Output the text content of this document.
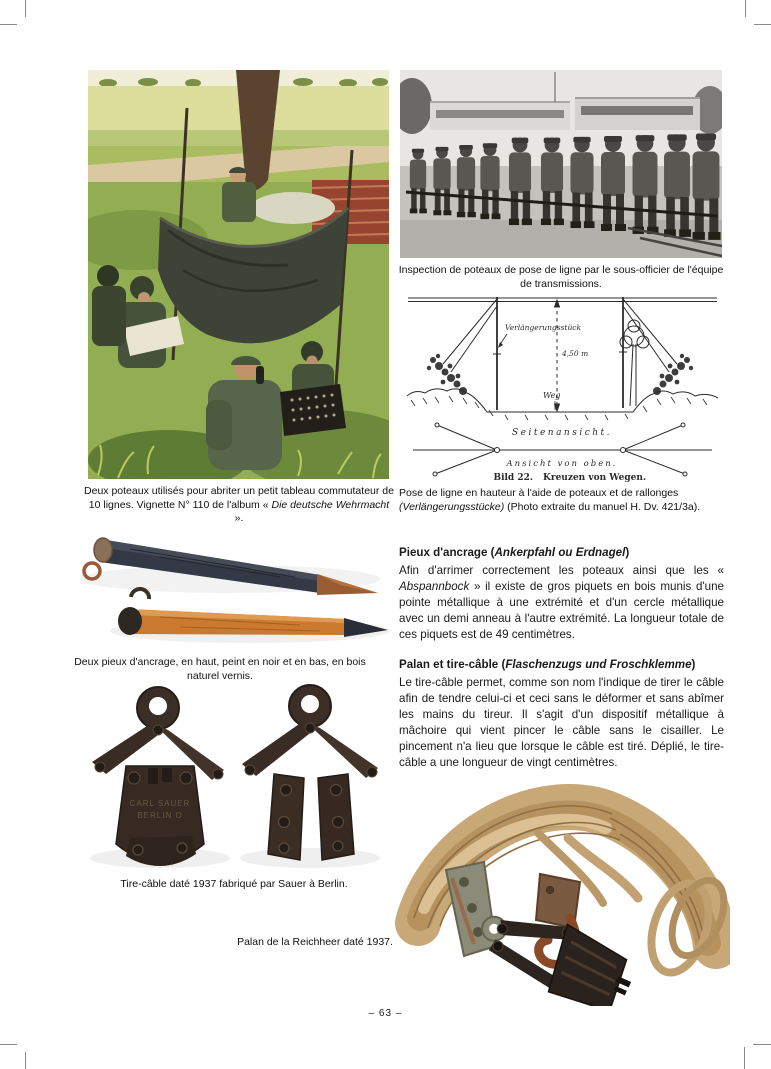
Deux poteaux utilisés pour abriter un petit tableau commutateur de 10 lignes. Vignette N° 110 de l'album « Die deutsche Wehrmacht ».
Inspection de poteaux de pose de ligne par le sous-officier de l'équipe de transmissions.
Verlängerungsstück
4,50 m
Weg
Seitenansicht.
Ansicht von oben.
Bild 22. Kreuzen von Wegen.
Pose de ligne en hauteur à l'aide de poteaux et de rallonges (Verlängerungsstücke) (Photo extraite du manuel H. Dv. 421/3a).
Deux pieux d'ancrage, en haut, peint en noir et en bas, en bois naturel vernis.

Pieux d'ancrage (Ankerpfahl ou Erdnagel)

Afin d'arrimer correctement les poteaux ainsi que les « Abspannbock » il existe de gros piquets en bois munis d'une pointe métallique à une extrémité et d'un cercle métallique avec un demi anneau à l'autre extrémité. La longueur totale de ces piquets est de 49 centimètres.

Palan et tire-câble (Flaschenzugs und Froschklemme)

Le tire-câble permet, comme son nom l'indique de tirer le câble afin de tendre celui-ci et ceci sans le déformer et sans abîmer les mains du tireur. Il s'agit d'un dispositif métallique à mâchoire qui vient pincer le câble sans le cisailler. Le pincement n'a lieu que lorsque le câble est tiré. Déplié, le tire-câble a une longueur de vingt centimètres.

CARL SAUER
BERLIN O
Tire-câble daté 1937 fabriqué par Sauer à Berlin.
Palan de la Reichheer daté 1937.
– 63 –
